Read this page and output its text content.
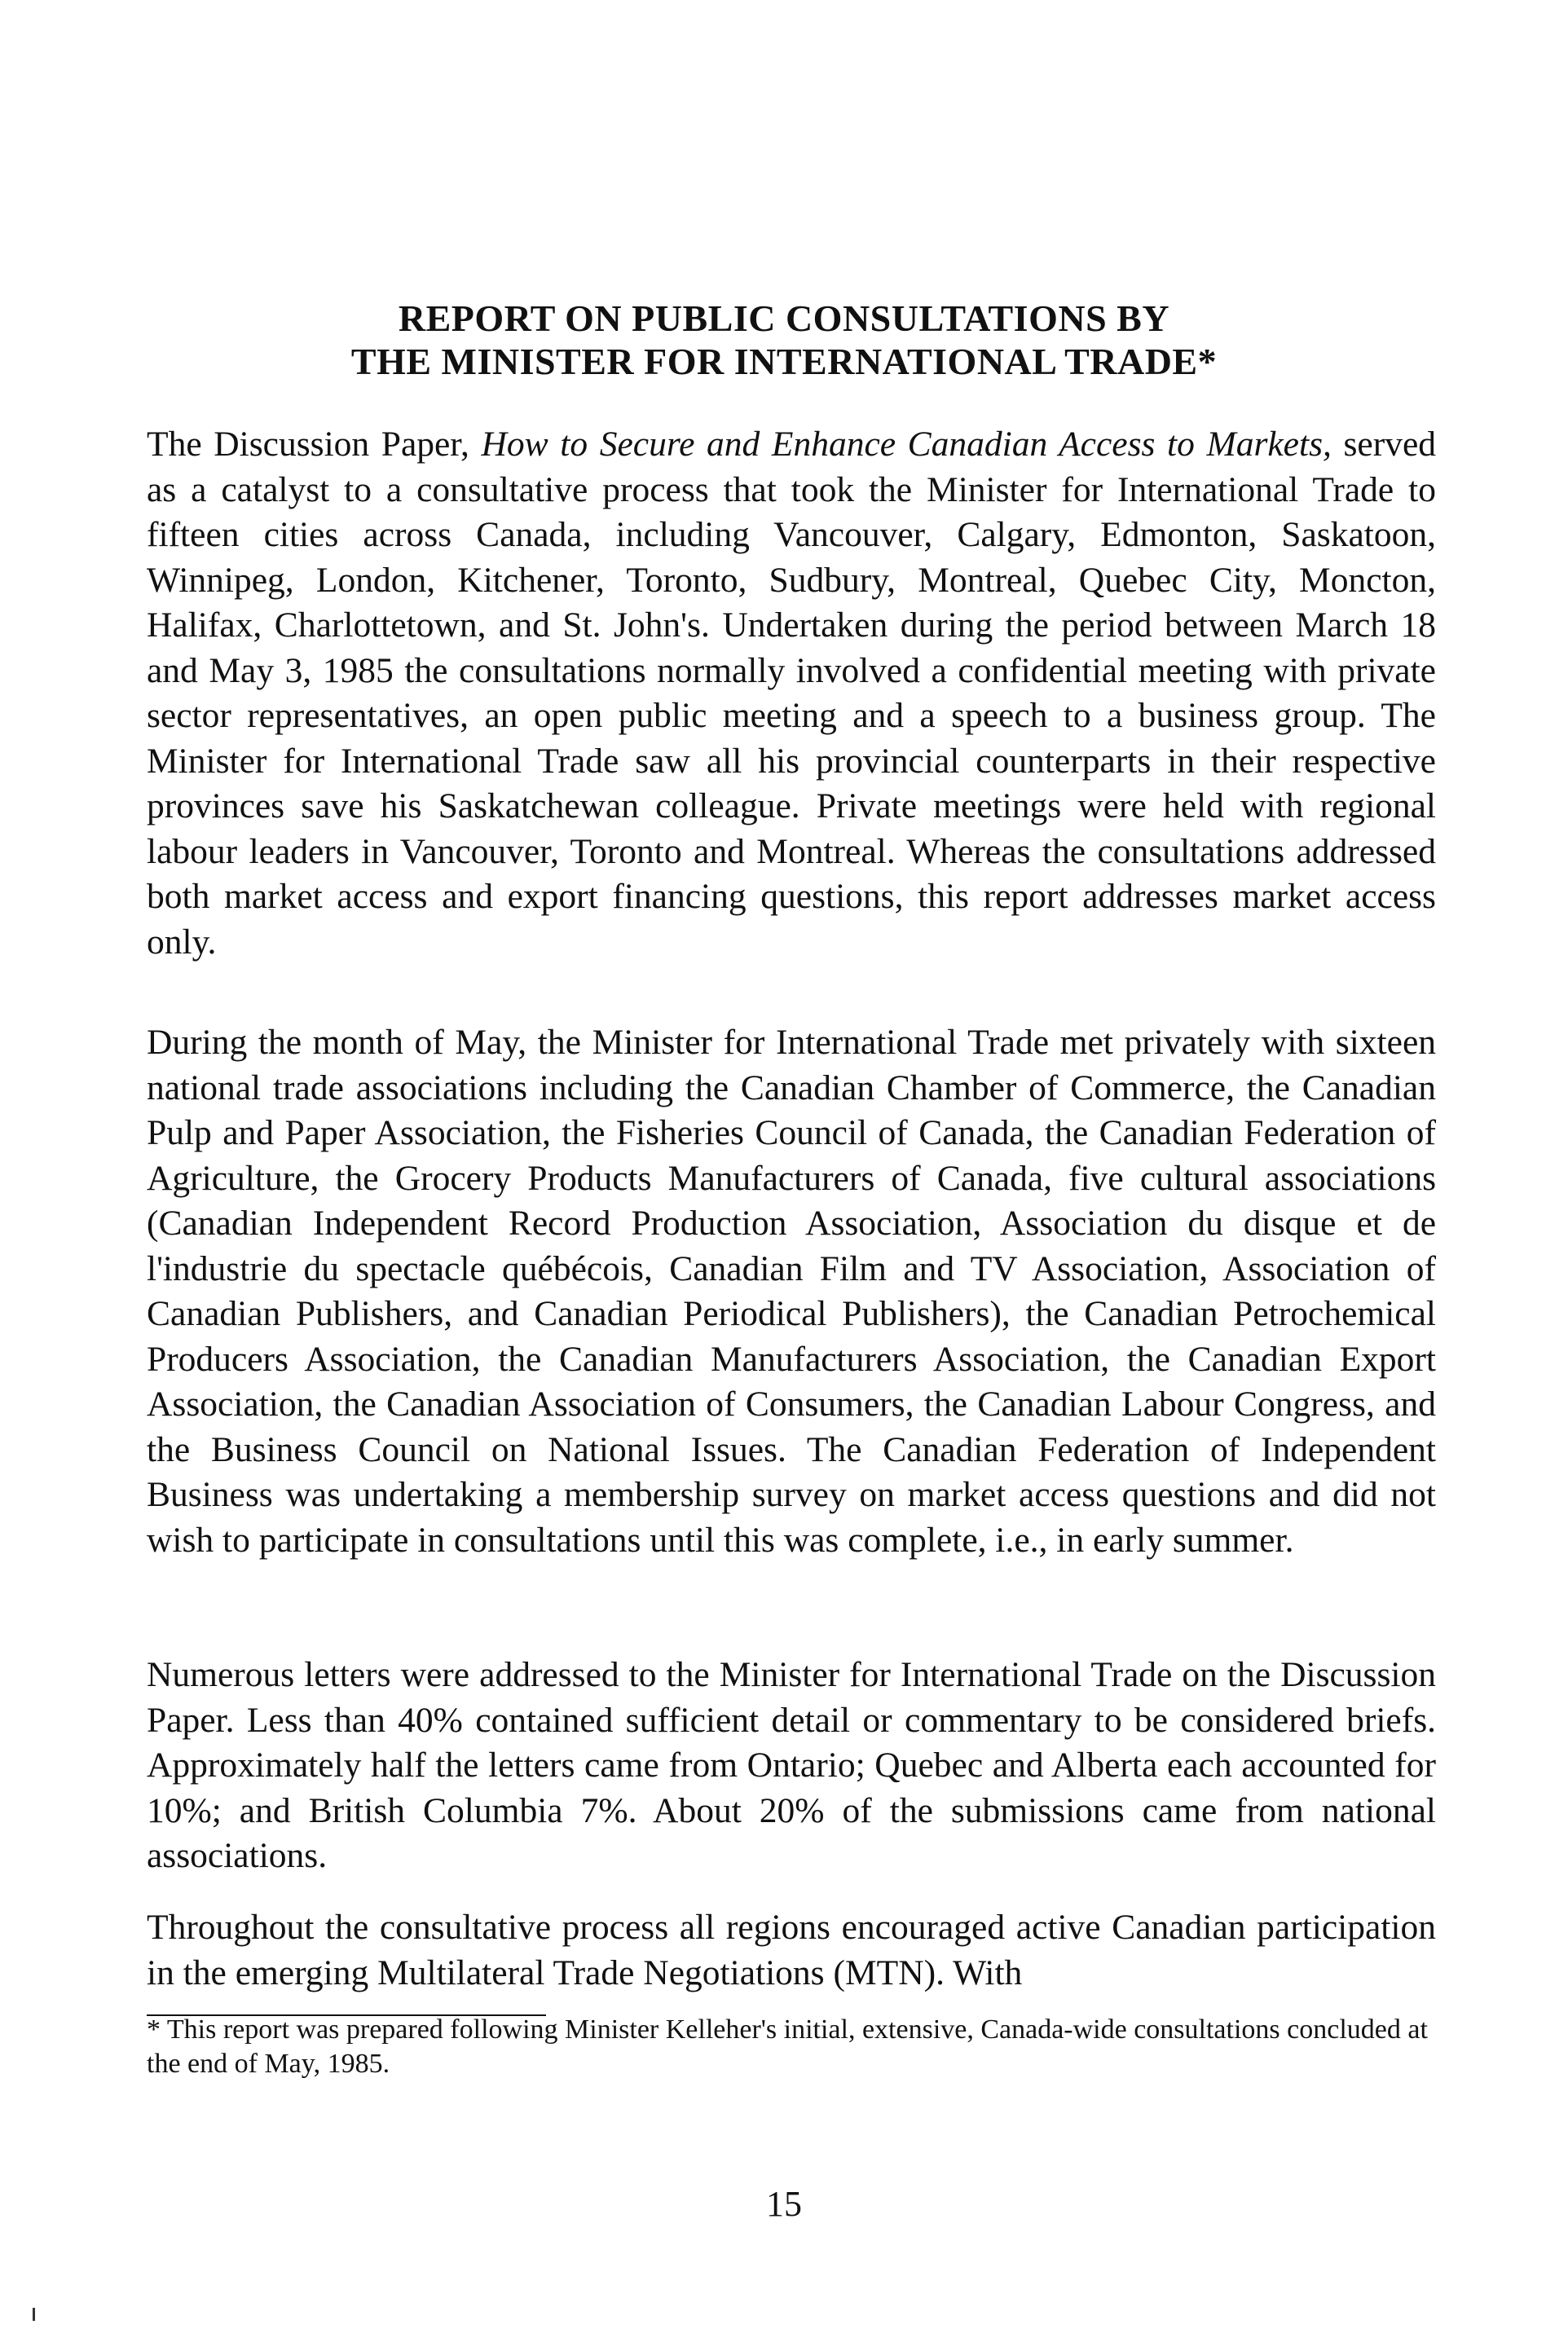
REPORT ON PUBLIC CONSULTATIONS BY
THE MINISTER FOR INTERNATIONAL TRADE*

The Discussion Paper, How to Secure and Enhance Canadian Access to Markets, served as a catalyst to a consultative process that took the Minister for International Trade to fifteen cities across Canada, including Vancouver, Calgary, Edmonton, Saskatoon, Winnipeg, London, Kitchener, Toronto, Sudbury, Montreal, Quebec City, Moncton, Halifax, Charlottetown, and St. John's. Undertaken during the period between March 18 and May 3, 1985 the consultations normally involved a confidential meeting with private sector representatives, an open public meeting and a speech to a business group. The Minister for International Trade saw all his provincial counterparts in their respective provinces save his Saskatchewan colleague. Private meetings were held with regional labour leaders in Vancouver, Toronto and Montreal. Whereas the consultations addressed both market access and export financing questions, this report addresses market access only.

During the month of May, the Minister for International Trade met privately with sixteen national trade associations including the Canadian Chamber of Commerce, the Canadian Pulp and Paper Association, the Fisheries Council of Canada, the Canadian Federation of Agriculture, the Grocery Products Manufacturers of Canada, five cultural associations (Canadian Independent Record Production Association, Association du disque et de l'industrie du spectacle québécois, Canadian Film and TV Association, Association of Canadian Publishers, and Canadian Periodical Publishers), the Canadian Petrochemical Producers Association, the Canadian Manufacturers Association, the Canadian Export Association, the Canadian Association of Consumers, the Canadian Labour Congress, and the Business Council on National Issues. The Canadian Federation of Independent Business was undertaking a membership survey on market access questions and did not wish to participate in consultations until this was complete, i.e., in early summer.

Numerous letters were addressed to the Minister for International Trade on the Discussion Paper. Less than 40% contained sufficient detail or commentary to be considered briefs. Approximately half the letters came from Ontario; Quebec and Alberta each accounted for 10%; and British Columbia 7%. About 20% of the submissions came from national associations.

Throughout the consultative process all regions encouraged active Canadian participation in the emerging Multilateral Trade Negotiations (MTN). With

* This report was prepared following Minister Kelleher's initial, extensive, Canada-wide consultations concluded at the end of May, 1985.
15
